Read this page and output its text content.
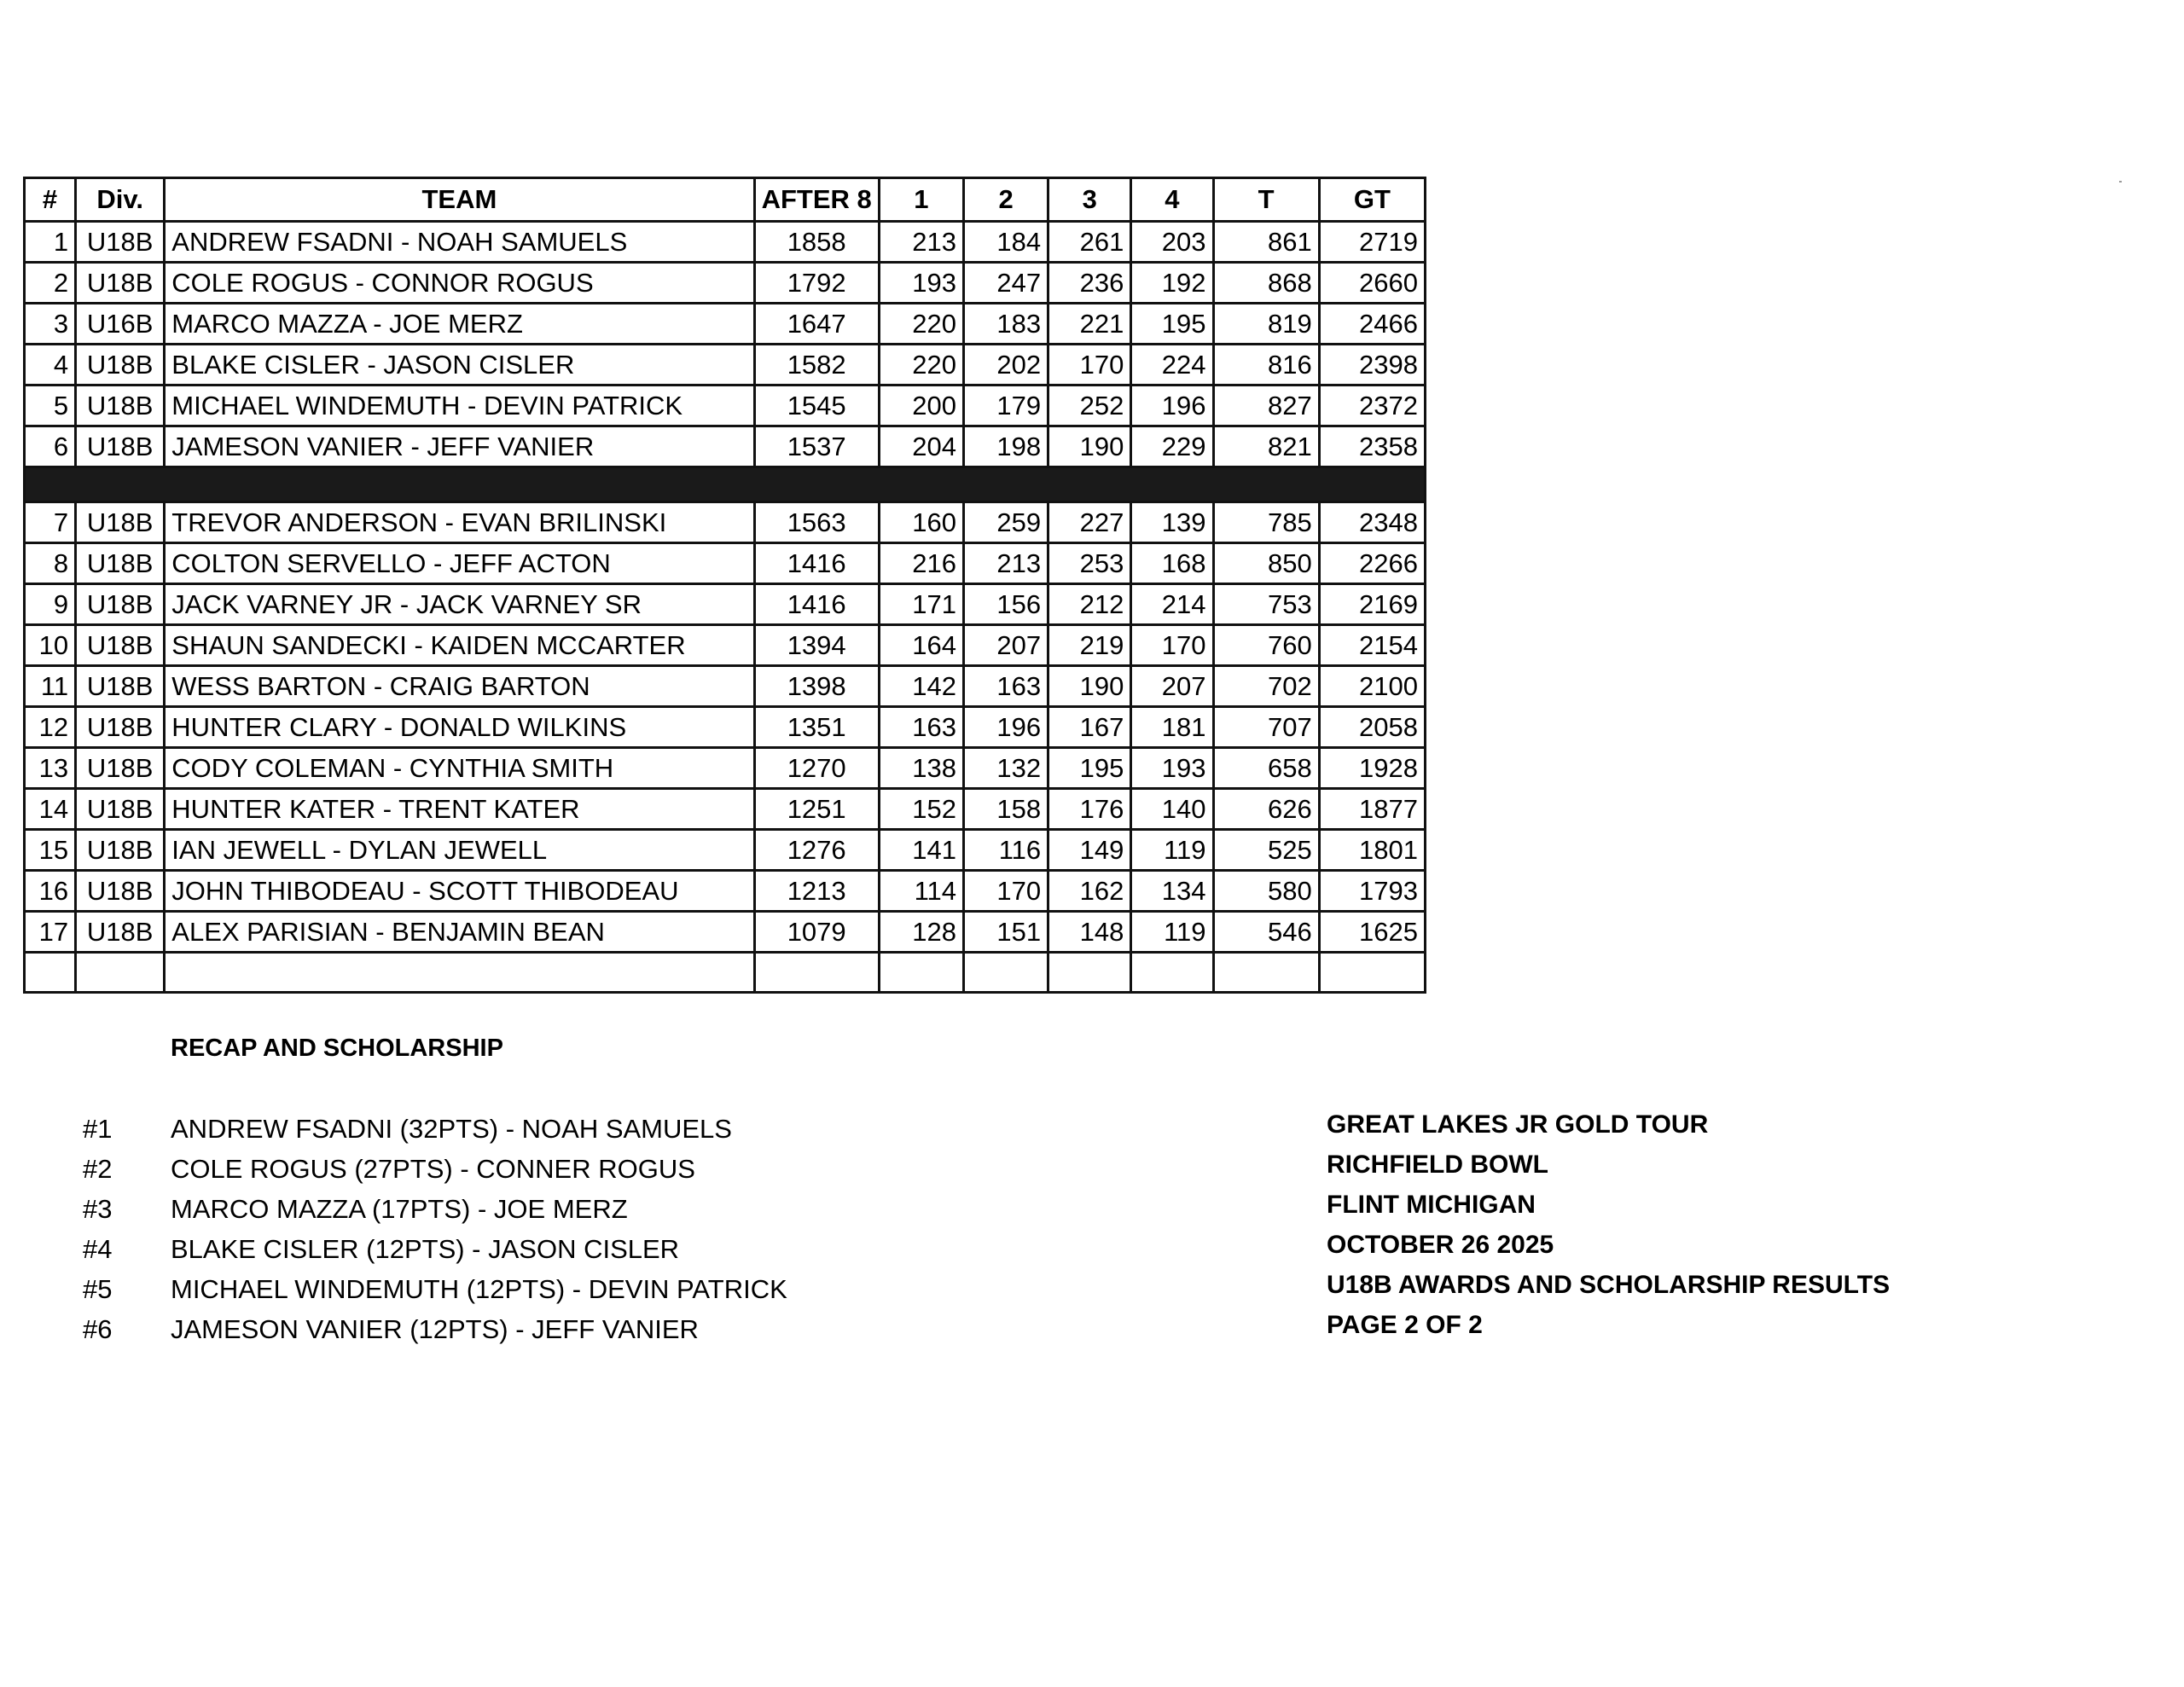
#	Div.	TEAM	AFTER 8	1	2	3	4	T	GT
1	U18B	ANDREW FSADNI - NOAH SAMUELS	1858	213	184	261	203	861	2719
2	U18B	COLE ROGUS - CONNOR ROGUS	1792	193	247	236	192	868	2660
3	U16B	MARCO MAZZA - JOE MERZ	1647	220	183	221	195	819	2466
4	U18B	BLAKE CISLER - JASON CISLER	1582	220	202	170	224	816	2398
5	U18B	MICHAEL WINDEMUTH - DEVIN PATRICK	1545	200	179	252	196	827	2372
6	U18B	JAMESON VANIER - JEFF VANIER	1537	204	198	190	229	821	2358

7	U18B	TREVOR ANDERSON - EVAN BRILINSKI	1563	160	259	227	139	785	2348
8	U18B	COLTON SERVELLO - JEFF ACTON	1416	216	213	253	168	850	2266
9	U18B	JACK VARNEY JR - JACK VARNEY SR	1416	171	156	212	214	753	2169
10	U18B	SHAUN SANDECKI - KAIDEN MCCARTER	1394	164	207	219	170	760	2154
11	U18B	WESS BARTON - CRAIG BARTON	1398	142	163	190	207	702	2100
12	U18B	HUNTER CLARY - DONALD WILKINS	1351	163	196	167	181	707	2058
13	U18B	CODY COLEMAN - CYNTHIA SMITH	1270	138	132	195	193	658	1928
14	U18B	HUNTER KATER - TRENT KATER	1251	152	158	176	140	626	1877
15	U18B	IAN JEWELL - DYLAN JEWELL	1276	141	116	149	119	525	1801
16	U18B	JOHN THIBODEAU - SCOTT THIBODEAU	1213	114	170	162	134	580	1793
17	U18B	ALEX PARISIAN - BENJAMIN BEAN	1079	128	151	148	119	546	1625

RECAP AND SCHOLARSHIP
#1	ANDREW FSADNI (32PTS) - NOAH SAMUELS
#2	COLE ROGUS (27PTS) - CONNER ROGUS
#3	MARCO MAZZA (17PTS) - JOE MERZ
#4	BLAKE CISLER (12PTS) - JASON CISLER
#5	MICHAEL WINDEMUTH (12PTS) - DEVIN PATRICK
#6	JAMESON VANIER (12PTS) - JEFF VANIER
GREAT LAKES JR GOLD TOUR
RICHFIELD BOWL
FLINT MICHIGAN
OCTOBER 26 2025
U18B AWARDS AND SCHOLARSHIP RESULTS
PAGE 2 OF 2
